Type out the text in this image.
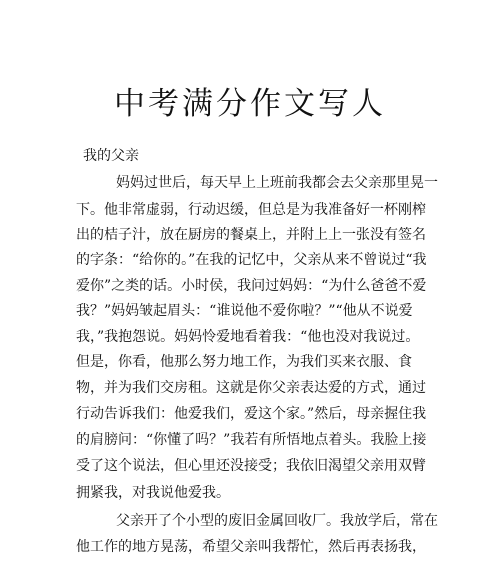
中考满分作文写人
我的父亲
妈妈过世后，每天早上上班前我都会去父亲那里晃一
下。他非常虚弱，行动迟缓，但总是为我准备好一杯刚榨
出的桔子汁，放在厨房的餐桌上，并附上上一张没有签名
的字条：“给你的。”在我的记忆中，父亲从来不曾说过“我
爱你”之类的话。小时侯，我问过妈妈：“为什么爸爸不爱
我？”妈妈皱起眉头：“谁说他不爱你啦？”“他从不说爱
我，”我抱怨说。妈妈怜爱地看着我：“他也没对我说过。
但是，你看，他那么努力地工作，为我们买来衣服、食
物，并为我们交房租。这就是你父亲表达爱的方式，通过
行动告诉我们：他爱我们，爱这个家。”然后，母亲握住我
的肩膀问：“你懂了吗？”我若有所悟地点着头。我脸上接
受了这个说法，但心里还没接受；我依旧渴望父亲用双臂
拥紧我，对我说他爱我。
父亲开了个小型的废旧金属回收厂。我放学后，常在
他工作的地方晃荡，希望父亲叫我帮忙，然后再表扬我，
